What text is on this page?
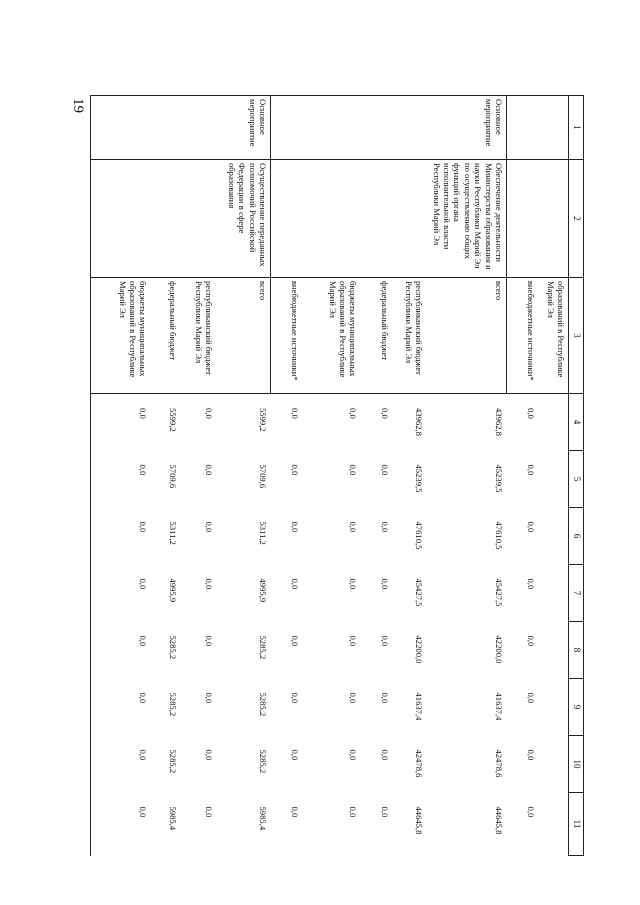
19
1	2	3	4	5	6	7	8	9	10	11
		образований в Республике Марий Эл								
		внебюджетные источники*	0,0	0,0	0,0	0,0	0,0	0,0	0,0	0,0
Основное мероприятие	Обеспечение деятельности Министерства образования и науки Республики Марий Эл по осуществлению общих функций органа исполнительной власти Республики Марий Эл	всего	43962,8	45239,5	47610,5	45427,5	42200,0	41637,4	42478,6	44645,8
		республиканский бюджет Республики Марий Эл	43962,8	45239,5	47610,5	45427,5	42200,0	41637,4	42478,6	44645,8
		федеральный бюджет	0,0	0,0	0,0	0,0	0,0	0,0	0,0	0,0
		бюджеты муниципальных образований в Республике Марий Эл	0,0	0,0	0,0	0,0	0,0	0,0	0,0	0,0
		внебюджетные источники*	0,0	0,0	0,0	0,0	0,0	0,0	0,0	0,0
Основное мероприятие	Осуществление переданных полномочий Российской Федерации в сфере образования	всего	5599,2	5709,6	5311,2	4995,9	5285,2	5285,2	5285,2	5985,4
		республиканский бюджет Республики Марий Эл	0,0	0,0	0,0	0,0	0,0	0,0	0,0	0,0
		федеральный бюджет	5599,2	5709,6	5311,2	4995,9	5285,2	5285,2	5285,2	5985,4
		бюджеты муниципальных образований в Республике Марий Эл	0,0	0,0	0,0	0,0	0,0	0,0	0,0	0,0
